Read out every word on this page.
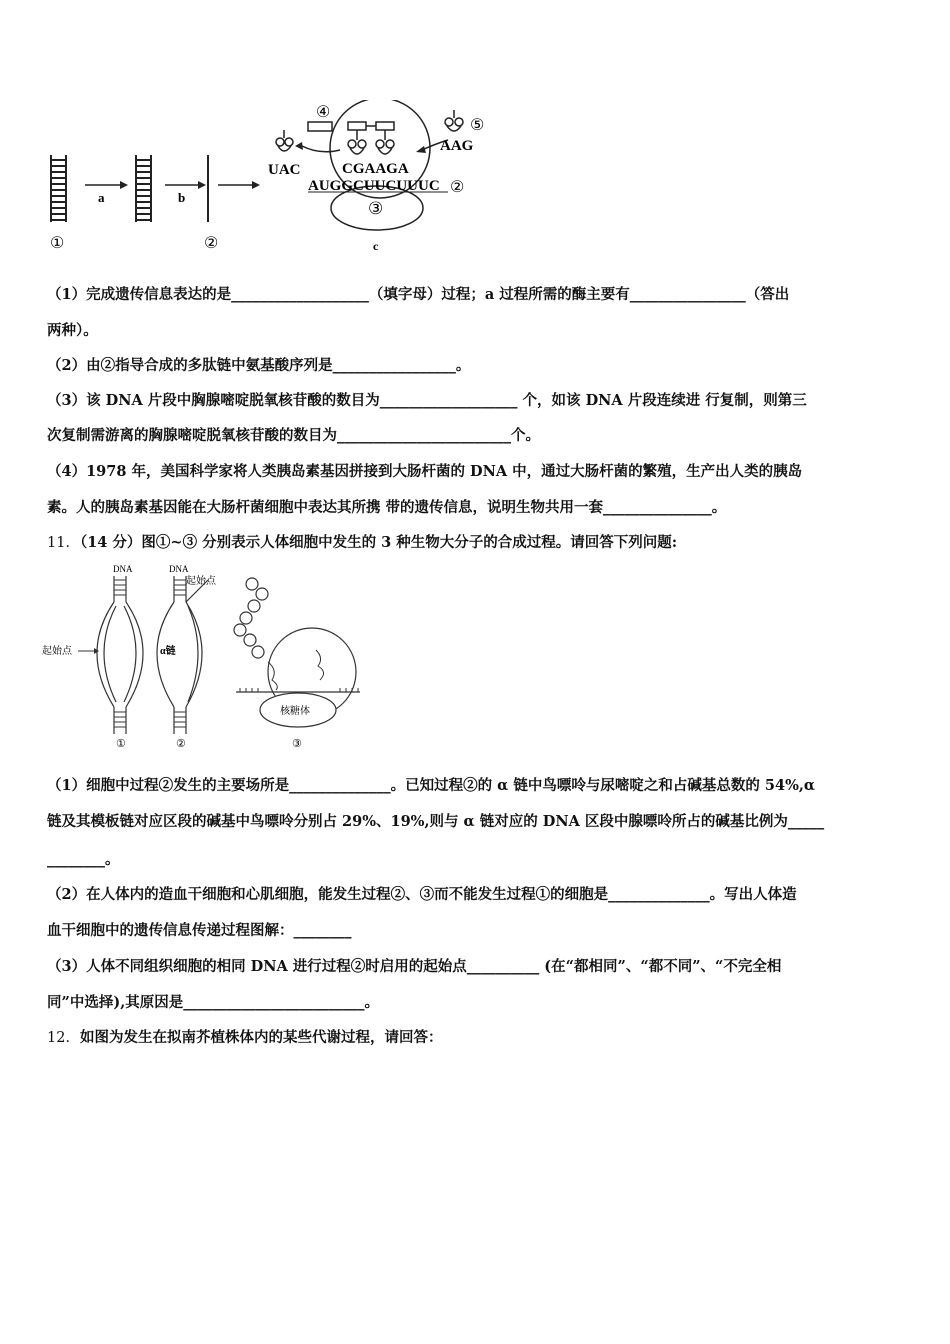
a	b
①	②
③
c
④
UAC
⑤
AAG
CGAAGA
AUGGCUUCUUUC ②
（1）完成遗传信息表达的是___________________（填字母）过程；a 过程所需的酶主要有________________（答出
两种）。
（2）由②指导合成的多肽链中氨基酸序列是_________________。
（3）该 DNA 片段中胸腺嘧啶脱氧核苷酸的数目为___________________ 个，如该 DNA 片段连续进 行复制，则第三
次复制需游离的胸腺嘧啶脱氧核苷酸的数目为________________________个。
（4）1978 年，美国科学家将人类胰岛素基因拼接到大肠杆菌的 DNA 中，通过大肠杆菌的繁殖，生产出人类的胰岛
素。人的胰岛素基因能在大肠杆菌细胞中表达其所携 带的遗传信息，说明生物共用一套_______________。
11．（14 分）图①~③ 分别表示人体细胞中发生的 3 种生物大分子的合成过程。请回答下列问题:
DNA
起始点
①
DNA
起始点
α链
②
核糖体
③
（1）细胞中过程②发生的主要场所是______________。已知过程②的 α 链中鸟嘌呤与尿嘧啶之和占碱基总数的 54%,α
链及其模板链对应区段的碱基中鸟嘌呤分别占 29%、19%,则与 α 链对应的 DNA 区段中腺嘌呤所占的碱基比例为_____
________。
（2）在人体内的造血干细胞和心肌细胞，能发生过程②、③而不能发生过程①的细胞是______________。写出人体造
血干细胞中的遗传信息传递过程图解：________
（3）人体不同组织细胞的相同 DNA 进行过程②时启用的起始点__________ (在“都相同”、“都不同”、“不完全相
同”中选择),其原因是_________________________。
12．如图为发生在拟南芥植株体内的某些代谢过程，请回答：
